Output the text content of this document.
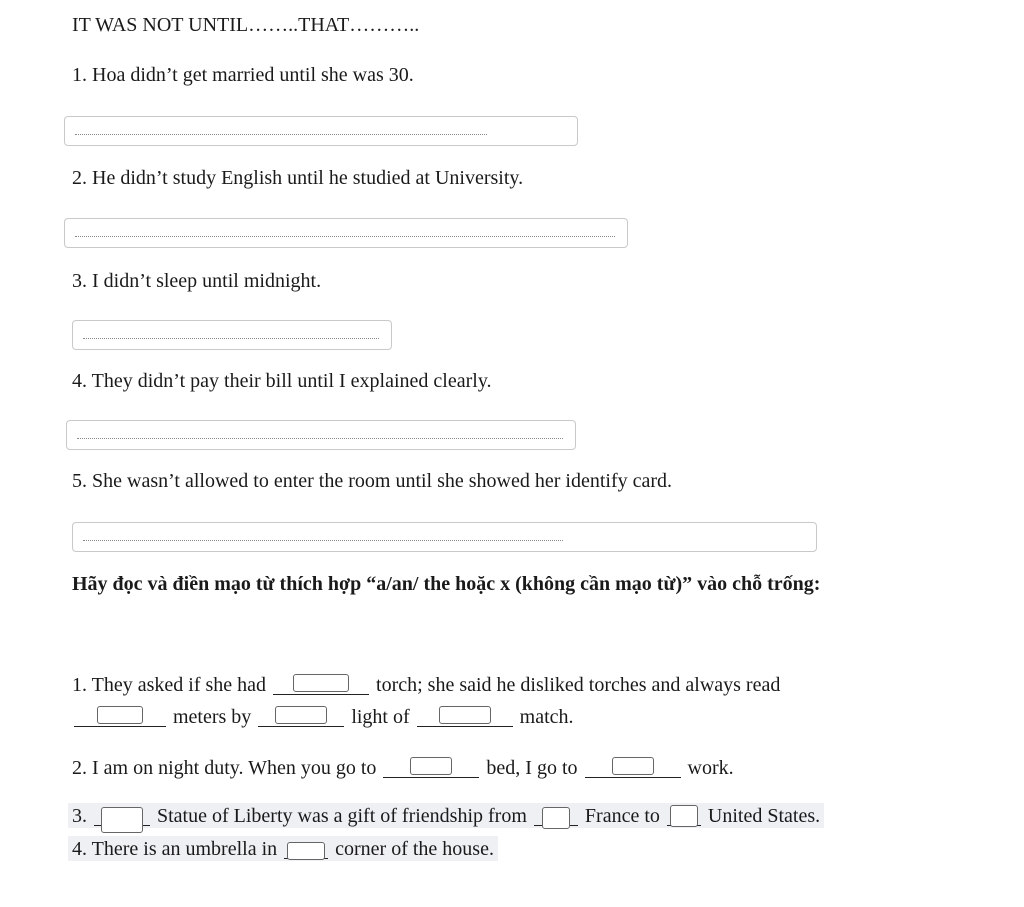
IT WAS NOT UNTIL……..THAT………..
1. Hoa didn’t get married until she was 30.
2. He didn’t study English until he studied at University.
3. I didn’t sleep until midnight.
4. They didn’t pay their bill until I explained clearly.
5. She wasn’t allowed to enter the room until she showed her identify card.
Hãy đọc và điền mạo từ thích hợp “a/an/ the hoặc x (không cần mạo từ)” vào chỗ trống:
1. They asked if she had	torch; she said he disliked torches and always read
meters by	light of	match.
2. I am on night duty. When you go to	bed, I go to	work.
3.	Statue of Liberty was a gift of friendship from	France to United States.
4. There is an umbrella in	corner of the house.
